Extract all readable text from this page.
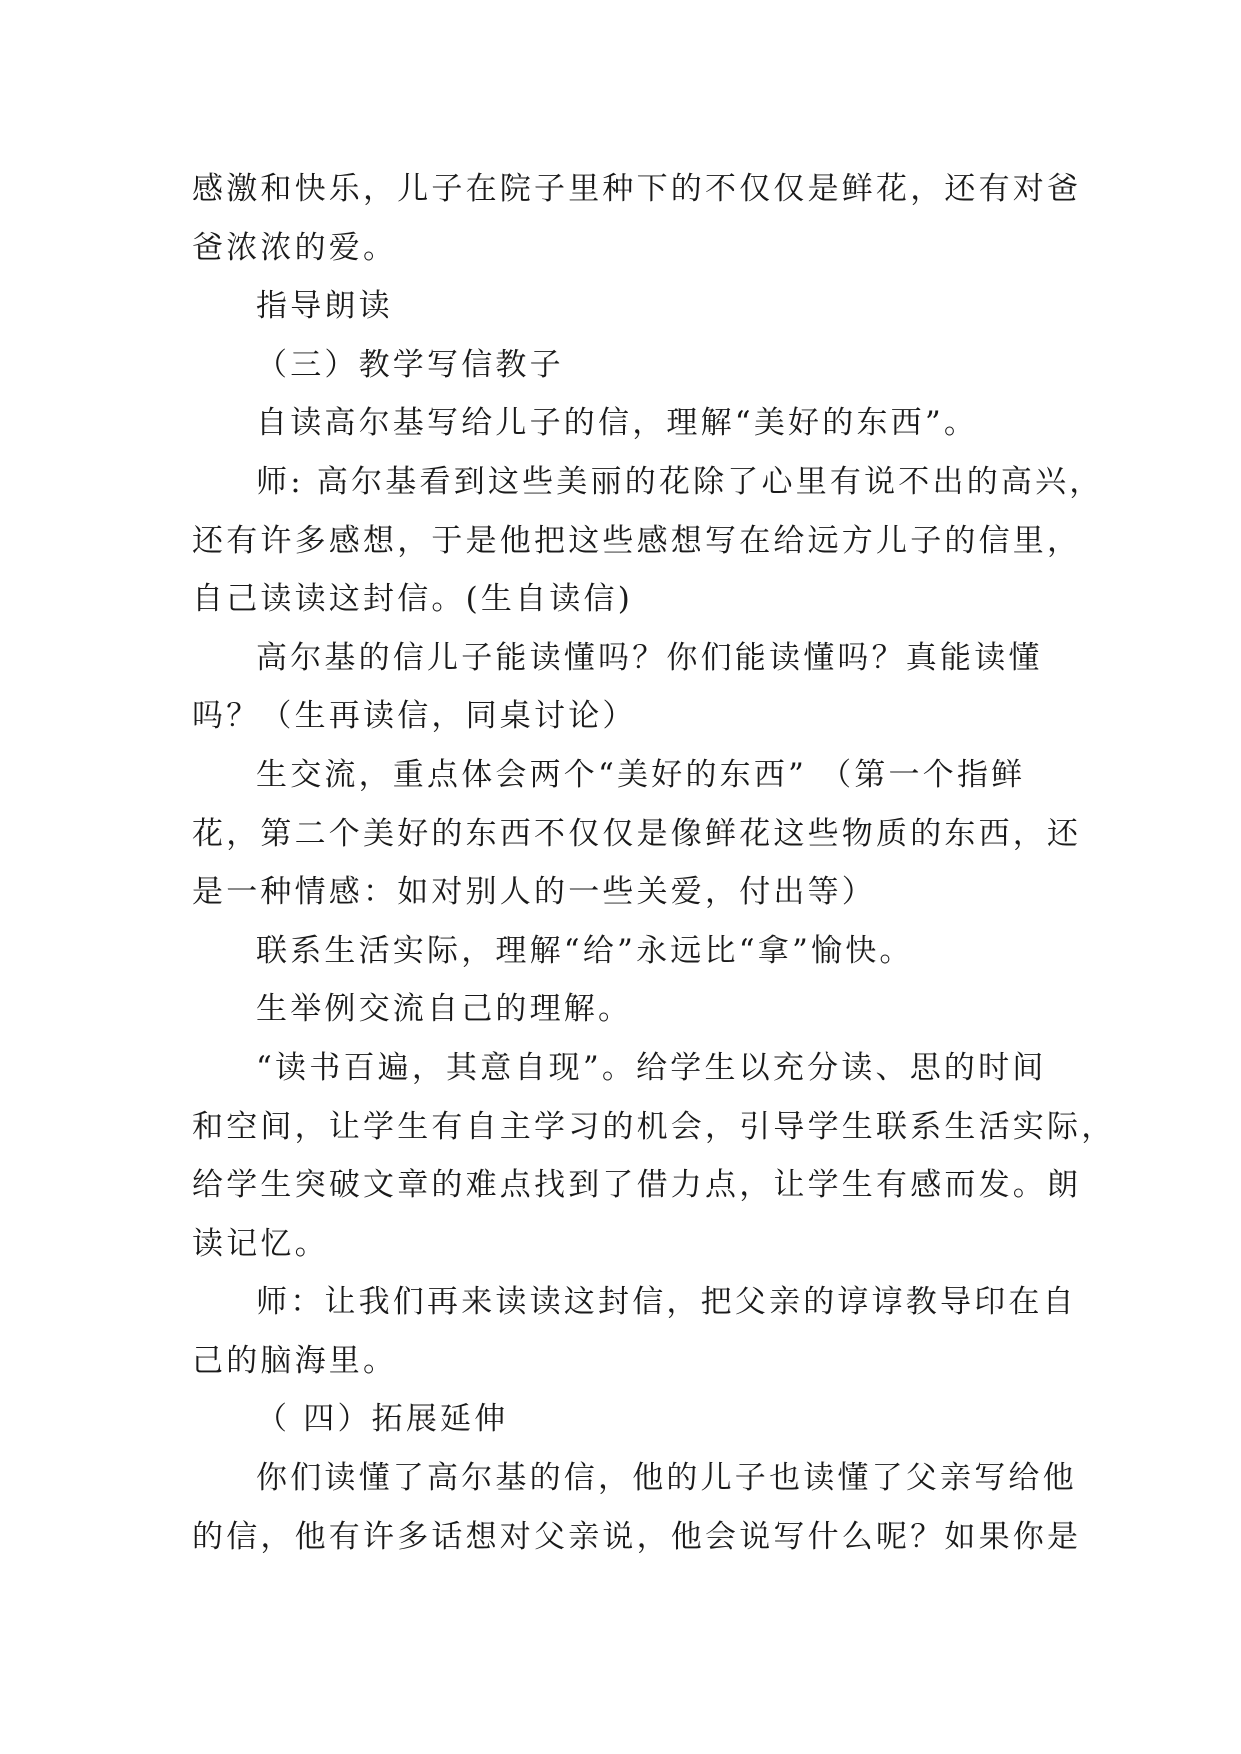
感激和快乐，儿子在院子里种下的不仅仅是鲜花，还有对爸
爸浓浓的爱。
指导朗读
（三）教学写信教子
自读高尔基写给儿子的信，理解“美好的东西”。
师: 高尔基看到这些美丽的花除了心里有说不出的高兴，
还有许多感想，于是他把这些感想写在给远方儿子的信里，
自己读读这封信。(生自读信)
高尔基的信儿子能读懂吗？你们能读懂吗？真能读懂
吗？（生再读信，同桌讨论）
生交流，重点体会两个“美好的东西” （第一个指鲜
花，第二个美好的东西不仅仅是像鲜花这些物质的东西，还
是一种情感：如对别人的一些关爱，付出等）
联系生活实际，理解“给”永远比“拿”愉快。
生举例交流自己的理解。
“读书百遍，其意自现”。给学生以充分读、思的时间
和空间，让学生有自主学习的机会，引导学生联系生活实际，
给学生突破文章的难点找到了借力点，让学生有感而发。朗
读记忆。
师：让我们再来读读这封信，把父亲的谆谆教导印在自
己的脑海里。
（ 四）拓展延伸
你们读懂了高尔基的信，他的儿子也读懂了父亲写给他
的信，他有许多话想对父亲说，他会说写什么呢？如果你是
